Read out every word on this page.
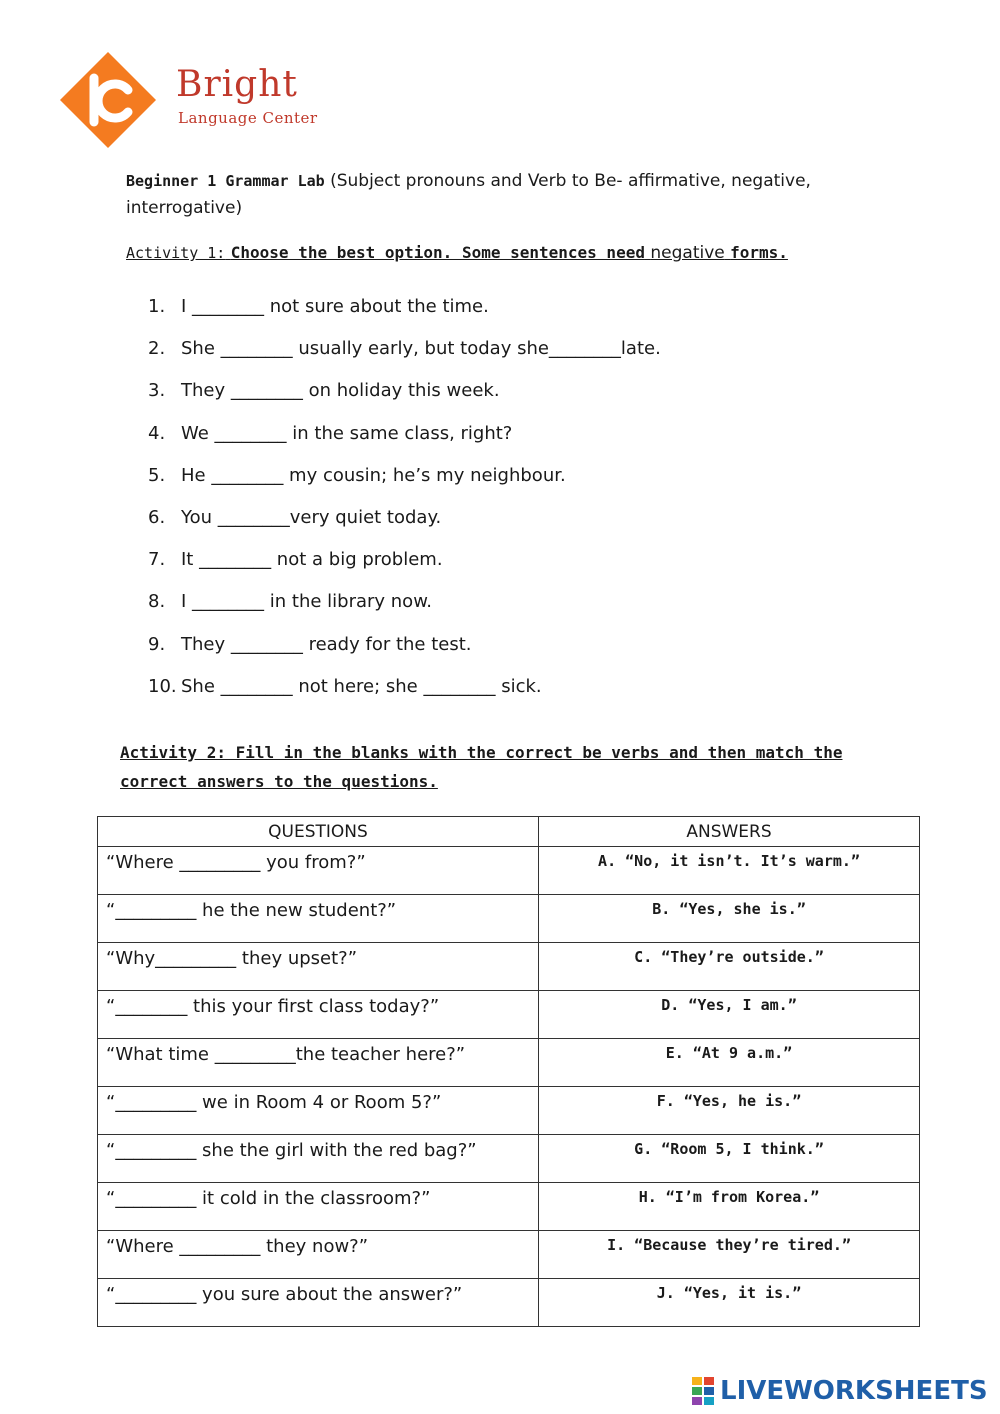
Bright
Language Center
Beginner 1 Grammar Lab (Subject pronouns and Verb to Be- affirmative, negative, interrogative)
Activity 1: Choose the best option. Some sentences need negative forms.
1. I ________ not sure about the time.
2. She ________ usually early, but today she________late.
3. They ________ on holiday this week.
4. We ________ in the same class, right?
5. He ________ my cousin; he’s my neighbour.
6. You ________very quiet today.
7. It ________ not a big problem.
8. I ________ in the library now.
9. They ________ ready for the test.
10. She ________ not here; she ________ sick.
Activity 2: Fill in the blanks with the correct be verbs and then match the correct answers to the questions.
QUESTIONS	ANSWERS
“Where _________ you from?”	A. “No, it isn’t. It’s warm.”
“_________ he the new student?”	B. “Yes, she is.”
“Why_________ they upset?”	C. “They’re outside.”
“________ this your first class today?”	D. “Yes, I am.”
“What time _________the teacher here?”	E. “At 9 a.m.”
“_________ we in Room 4 or Room 5?”	F. “Yes, he is.”
“_________ she the girl with the red bag?”	G. “Room 5, I think.”
“_________ it cold in the classroom?”	H. “I’m from Korea.”
“Where _________ they now?”	I. “Because they’re tired.”
“_________ you sure about the answer?”	J. “Yes, it is.”
LIVEWORKSHEETS
